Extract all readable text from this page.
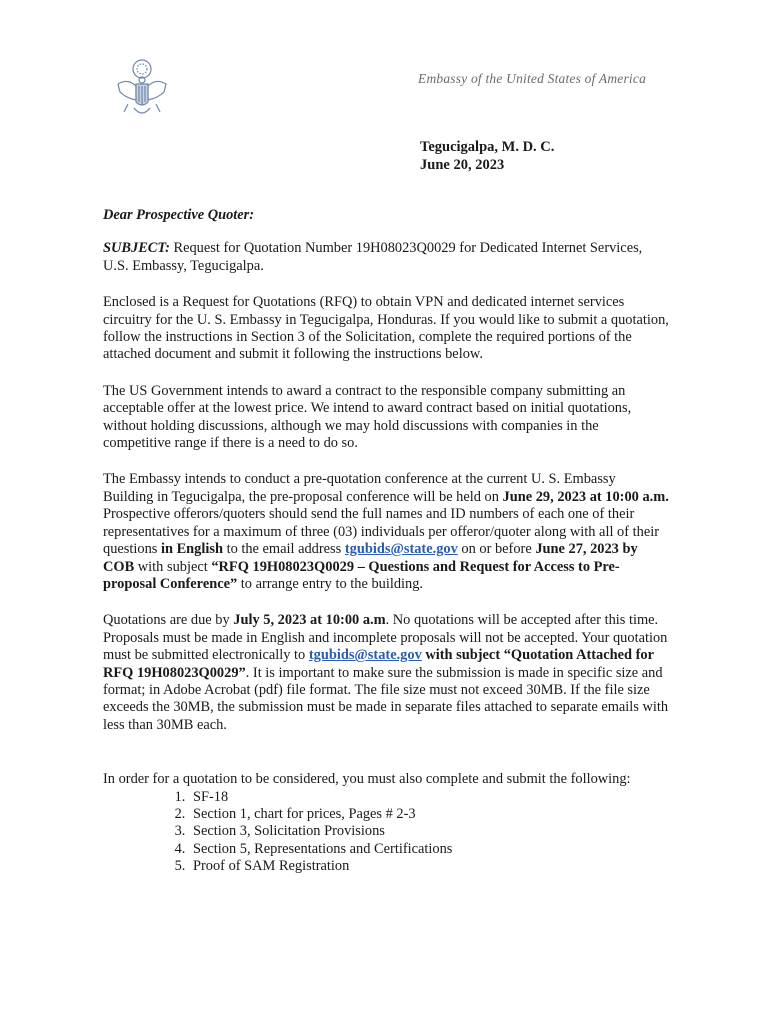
Embassy of the United States of America
Tegucigalpa, M. D. C.
June 20, 2023
Dear Prospective Quoter:

SUBJECT: Request for Quotation Number 19H08023Q0029 for Dedicated Internet Services, U.S. Embassy, Tegucigalpa.

Enclosed is a Request for Quotations (RFQ) to obtain VPN and dedicated internet services circuitry for the U. S. Embassy in Tegucigalpa, Honduras. If you would like to submit a quotation, follow the instructions in Section 3 of the Solicitation, complete the required portions of the attached document and submit it following the instructions below.

The US Government intends to award a contract to the responsible company submitting an acceptable offer at the lowest price. We intend to award contract based on initial quotations, without holding discussions, although we may hold discussions with companies in the competitive range if there is a need to do so.

The Embassy intends to conduct a pre-quotation conference at the current U. S. Embassy Building in Tegucigalpa, the pre-proposal conference will be held on June 29, 2023 at 10:00 a.m. Prospective offerors/quoters should send the full names and ID numbers of each one of their representatives for a maximum of three (03) individuals per offeror/quoter along with all of their questions in English to the email address tgubids@state.gov on or before June 27, 2023 by COB with subject “RFQ 19H08023Q0029 – Questions and Request for Access to Pre-proposal Conference” to arrange entry to the building.

Quotations are due by July 5, 2023 at 10:00 a.m. No quotations will be accepted after this time. Proposals must be made in English and incomplete proposals will not be accepted. Your quotation must be submitted electronically to tgubids@state.gov with subject “Quotation Attached for RFQ 19H08023Q0029”. It is important to make sure the submission is made in specific size and format; in Adobe Acrobat (pdf) file format. The file size must not exceed 30MB. If the file size exceeds the 30MB, the submission must be made in separate files attached to separate emails with less than 30MB each.

In order for a quotation to be considered, you must also complete and submit the following:
1. SF-18
2. Section 1, chart for prices, Pages # 2-3
3. Section 3, Solicitation Provisions
4. Section 5, Representations and Certifications
5. Proof of SAM Registration
